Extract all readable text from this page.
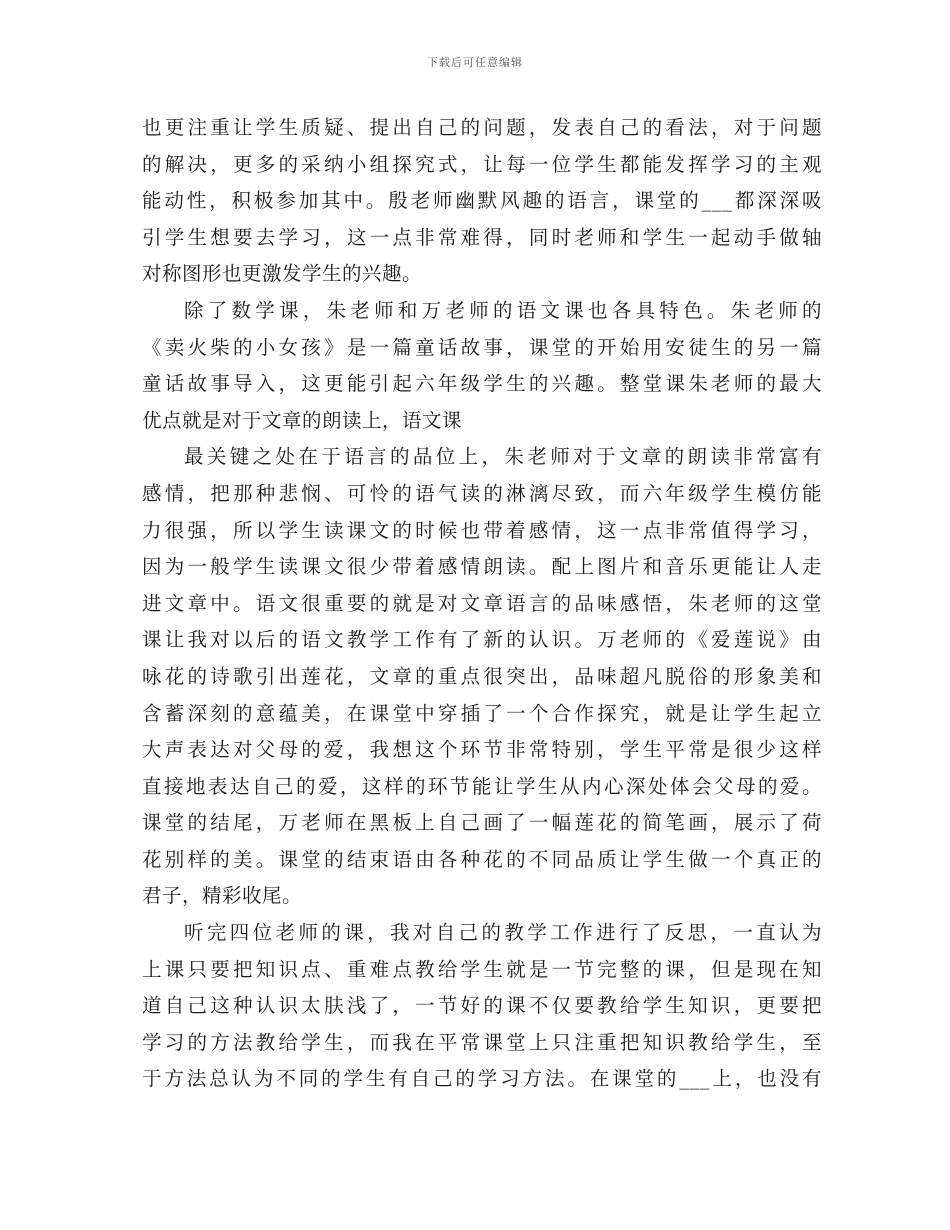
下载后可任意编辑
也更注重让学生质疑、提出自己的问题，发表自己的看法，对于问题
的解决，更多的采纳小组探究式，让每一位学生都能发挥学习的主观
能动性，积极参加其中。殷老师幽默风趣的语言，课堂的___都深深吸
引学生想要去学习，这一点非常难得，同时老师和学生一起动手做轴
对称图形也更激发学生的兴趣。
除了数学课，朱老师和万老师的语文课也各具特色。朱老师的
《卖火柴的小女孩》是一篇童话故事，课堂的开始用安徒生的另一篇
童话故事导入，这更能引起六年级学生的兴趣。整堂课朱老师的最大
优点就是对于文章的朗读上，语文课
最关键之处在于语言的品位上，朱老师对于文章的朗读非常富有
感情，把那种悲悯、可怜的语气读的淋漓尽致，而六年级学生模仿能
力很强，所以学生读课文的时候也带着感情，这一点非常值得学习，
因为一般学生读课文很少带着感情朗读。配上图片和音乐更能让人走
进文章中。语文很重要的就是对文章语言的品味感悟，朱老师的这堂
课让我对以后的语文教学工作有了新的认识。万老师的《爱莲说》由
咏花的诗歌引出莲花，文章的重点很突出，品味超凡脱俗的形象美和
含蓄深刻的意蕴美，在课堂中穿插了一个合作探究，就是让学生起立
大声表达对父母的爱，我想这个环节非常特别，学生平常是很少这样
直接地表达自己的爱，这样的环节能让学生从内心深处体会父母的爱。
课堂的结尾，万老师在黑板上自己画了一幅莲花的简笔画，展示了荷
花别样的美。课堂的结束语由各种花的不同品质让学生做一个真正的
君子，精彩收尾。
听完四位老师的课，我对自己的教学工作进行了反思，一直认为
上课只要把知识点、重难点教给学生就是一节完整的课，但是现在知
道自己这种认识太肤浅了，一节好的课不仅要教给学生知识，更要把
学习的方法教给学生，而我在平常课堂上只注重把知识教给学生，至
于方法总认为不同的学生有自己的学习方法。在课堂的___上，也没有
